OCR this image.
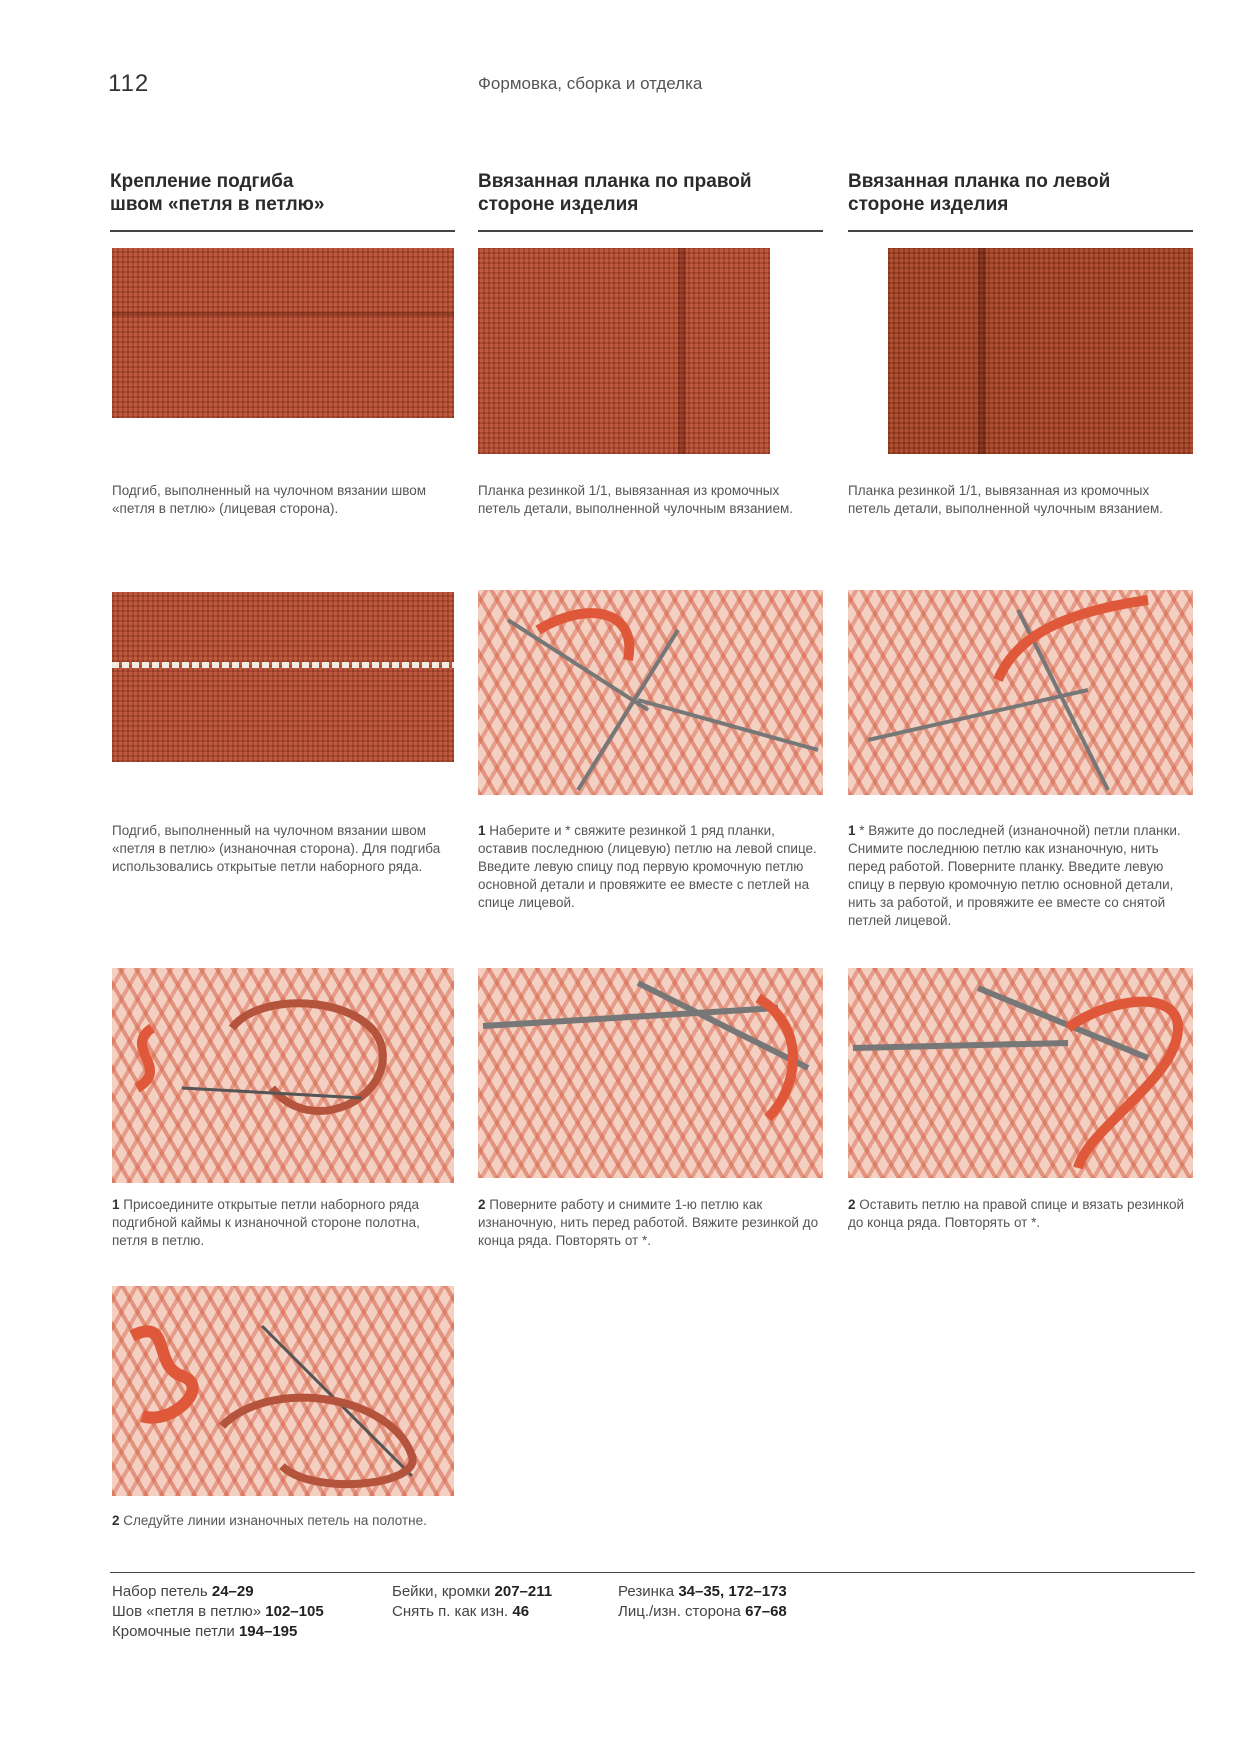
112	Формовка, сборка и отделка
Крепление подгиба
швом «петля в петлю»
Ввязанная планка по правой
стороне изделия
Ввязанная планка по левой
стороне изделия
Подгиб, выполненный на чулочном вязании швом «петля в петлю» (лицевая сторона).
Подгиб, выполненный на чулочном вязании швом «петля в петлю» (изнаночная сторона). Для подгиба использовались открытые петли наборного ряда.
1 Присоедините открытые петли наборного ряда подгибной каймы к изнаночной стороне полотна, петля в петлю.
2 Следуйте линии изнаночных петель на полотне.
Планка резинкой 1/1, вывязанная из кромочных петель детали, выполненной чулочным вязанием.
1 Наберите и * свяжите резинкой 1 ряд планки, оставив последнюю (лицевую) петлю на левой спице. Введите левую спицу под первую кромочную петлю основной детали и провяжите ее вместе с петлей на спице лицевой.
2 Поверните работу и снимите 1-ю петлю как изнаночную, нить перед работой. Вяжите резинкой до конца ряда. Повторять от *.
Планка резинкой 1/1, вывязанная из кромочных петель детали, выполненной чулочным вязанием.
1 * Вяжите до последней (изнаночной) петли планки. Снимите последнюю петлю как изнаночную, нить перед работой. Поверните планку. Введите левую спицу в первую кромочную петлю основной детали, нить за работой, и провяжите ее вместе со снятой петлей лицевой.
2 Оставить петлю на правой спице и вязать резинкой до конца ряда. Повторять от *.
Набор петель 24–29
Шов «петля в петлю» 102–105
Кромочные петли 194–195
Бейки, кромки 207–211
Снять п. как изн. 46
Резинка 34–35, 172–173
Лиц./изн. сторона 67–68
